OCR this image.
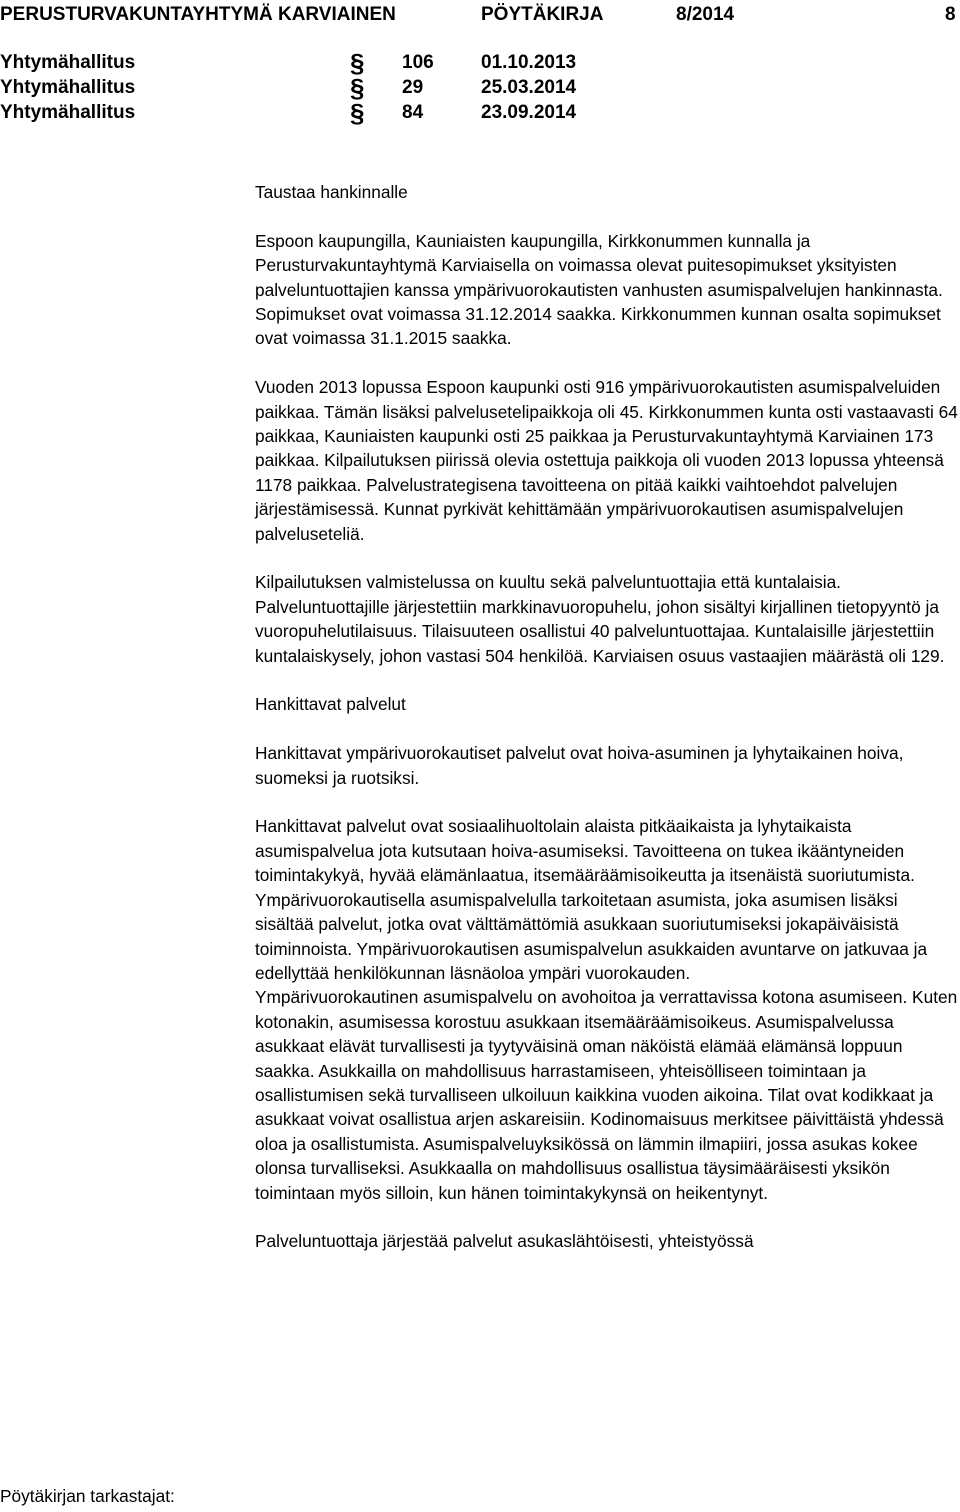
PERUSTURVAKUNTAYHTYMÄ KARVIAINEN	PÖYTÄKIRJA	8/2014	8
Yhtymähallitus	§ 106 01.10.2013
Yhtymähallitus	§ 29	25.03.2014
Yhtymähallitus	§ 84	23.09.2014

Taustaa hankinnalle

Espoon kaupungilla, Kauniaisten kaupungilla, Kirkkonummen kunnalla ja Perusturvakuntayhtymä Karviaisella on voimassa olevat puitesopimukset yksityisten palveluntuottajien kanssa ympärivuorokautisten vanhusten asumispalvelujen hankinnasta. Sopimukset ovat voimassa 31.12.2014 saakka. Kirkkonummen kunnan osalta sopimukset ovat voimassa 31.1.2015 saakka.

Vuoden 2013 lopussa Espoon kaupunki osti 916 ympärivuorokautisten asumispalveluiden paikkaa. Tämän lisäksi palvelusetelipaikkoja oli 45. Kirkkonummen kunta osti vastaavasti 64 paikkaa, Kauniaisten kaupunki osti 25 paikkaa ja Perusturvakuntayhtymä Karviainen 173 paikkaa. Kilpailutuksen piirissä olevia ostettuja paikkoja oli vuoden 2013 lopussa yhteensä 1178 paikkaa. Palvelustrategisena tavoitteena on pitää kaikki vaihtoehdot palvelujen järjestämisessä. Kunnat pyrkivät kehittämään ympärivuorokautisen asumispalvelujen palveluseteliä.

Kilpailutuksen valmistelussa on kuultu sekä palveluntuottajia että kuntalaisia. Palveluntuottajille järjestettiin markkinavuoropuhelu, johon sisältyi kirjallinen tietopyyntö ja vuoropuhelutilaisuus. Tilaisuuteen osallistui 40 palveluntuottajaa. Kuntalaisille järjestettiin kuntalaiskysely, johon vastasi 504 henkilöä. Karviaisen osuus vastaajien määrästä oli 129.

Hankittavat palvelut

Hankittavat ympärivuorokautiset palvelut ovat hoiva-asuminen ja lyhytaikainen hoiva, suomeksi ja ruotsiksi.

Hankittavat palvelut ovat sosiaalihuoltolain alaista pitkäaikaista ja lyhytaikaista asumispalvelua jota kutsutaan hoiva-asumiseksi. Tavoitteena on tukea ikääntyneiden toimintakykyä, hyvää elämänlaatua, itsemääräämisoikeutta ja itsenäistä suoriutumista. Ympärivuorokautisella asumispalvelulla tarkoitetaan asumista, joka asumisen lisäksi sisältää palvelut, jotka ovat välttämättömiä asukkaan suoriutumiseksi jokapäiväisistä toiminnoista. Ympärivuorokautisen asumispalvelun asukkaiden avuntarve on jatkuvaa ja edellyttää henkilökunnan läsnäoloa ympäri vuorokauden.

Ympärivuorokautinen asumispalvelu on avohoitoa ja verrattavissa kotona asumiseen. Kuten kotonakin, asumisessa korostuu asukkaan itsemääräämisoikeus. Asumispalvelussa asukkaat elävät turvallisesti ja tyytyväisinä oman näköistä elämää elämänsä loppuun saakka. Asukkailla on mahdollisuus harrastamiseen, yhteisölliseen toimintaan ja osallistumisen sekä turvalliseen ulkoiluun kaikkina vuoden aikoina. Tilat ovat kodikkaat ja asukkaat voivat osallistua arjen askareisiin. Kodinomaisuus merkitsee päivittäistä yhdessä oloa ja osallistumista. Asumispalveluyksikössä on lämmin ilmapiiri, jossa asukas kokee olonsa turvalliseksi. Asukkaalla on mahdollisuus osallistua täysimääräisesti yksikön toimintaan myös silloin, kun hänen toimintakykynsä on heikentynyt.

Palveluntuottaja järjestää palvelut asukaslähtöisesti, yhteistyössä

Pöytäkirjan tarkastajat:
